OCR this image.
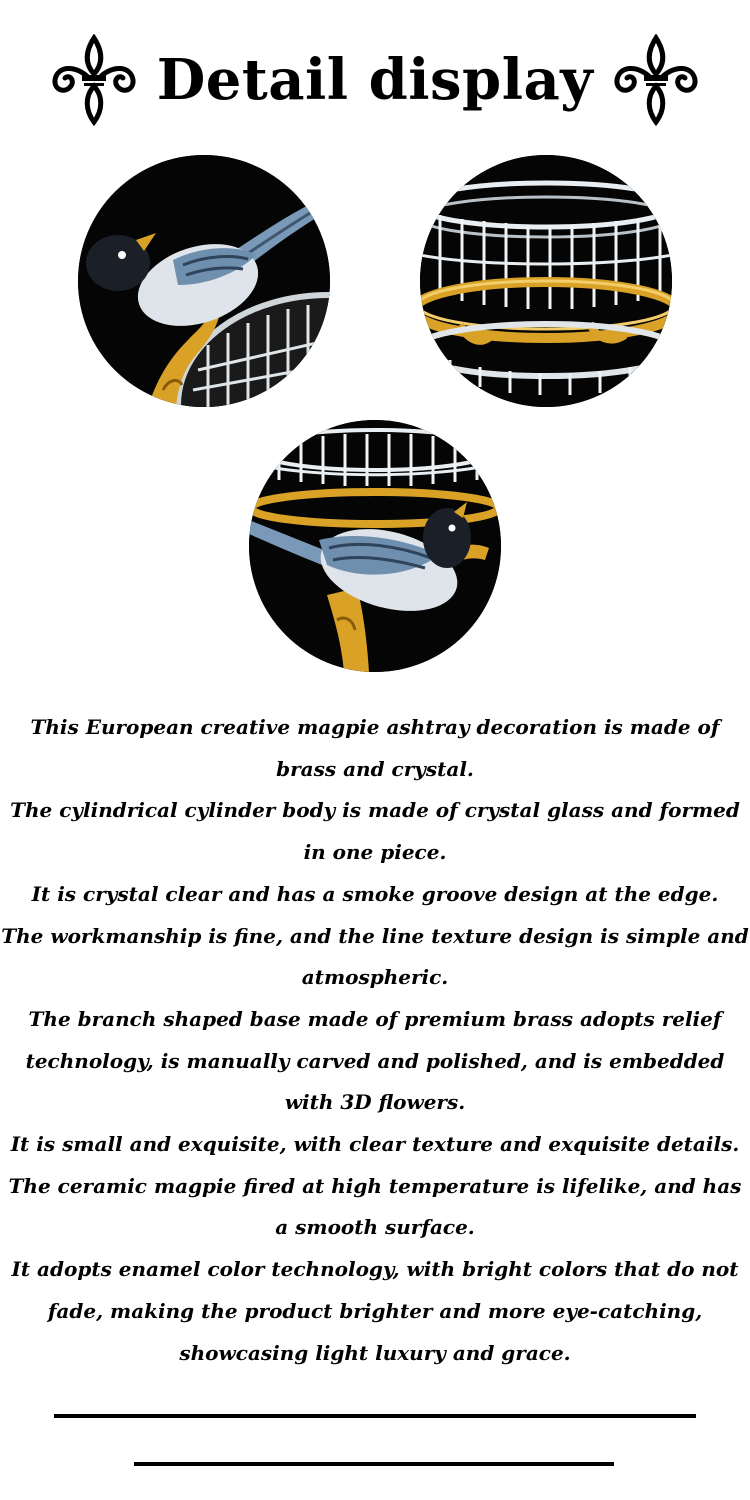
Detail display

This European creative magpie ashtray decoration is made of brass and crystal.

The cylindrical cylinder body is made of crystal glass and formed in one piece.

It is crystal clear and has a smoke groove design at the edge.

The workmanship is fine, and the line texture design is simple and atmospheric.

The branch shaped base made of premium brass adopts relief technology, is manually carved and polished, and is embedded with 3D flowers.

It is small and exquisite, with clear texture and exquisite details.

The ceramic magpie fired at high temperature is lifelike, and has a smooth surface.

It adopts enamel color technology, with bright colors that do not fade, making the product brighter and more eye-catching, showcasing light luxury and grace.
